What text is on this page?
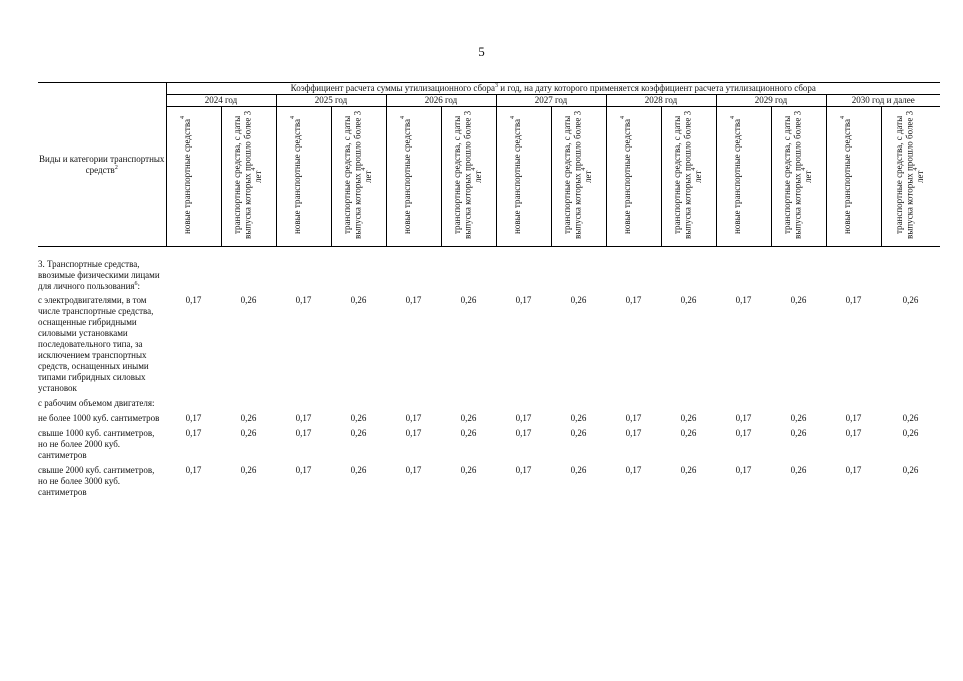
5
Виды и категории транспортных средств$^2$	Коэффициент расчета суммы утилизационного сбора$^3$ и год, на дату которого применяется коэффициент расчета утилизационного сбора													
	2024 год		2025 год		2026 год		2027 год		2028 год		2029 год		2030 год и далее	
	новые транспортные средства$^4$	транспортные средства, с даты выпуска которых прошло более 3 лет$^4$	новые транспортные средства$^4$	транспортные средства, с даты выпуска которых прошло более 3 лет$^4$	новые транспортные средства$^4$	транспортные средства, с даты выпуска которых прошло более 3 лет$^4$	новые транспортные средства$^4$	транспортные средства, с даты выпуска которых прошло более 3 лет$^4$	новые транспортные средства$^4$	транспортные средства, с даты выпуска которых прошло более 3 лет$^4$	новые транспортные средства$^4$	транспортные средства, с даты выпуска которых прошло более 3 лет$^4$	новые транспортные средства$^4$	транспортные средства, с даты выпуска которых прошло более 3 лет$^4$

3. Транспортные средства, ввозимые физическими лицами для личного пользования$^6$:														
с электродвигателями, в том числе транспортные средства, оснащенные гибридными силовыми установками последовательного типа, за исключением транспортных средств, оснащенных иными типами гибридных силовых установок	0,17	0,26	0,17	0,26	0,17	0,26	0,17	0,26	0,17	0,26	0,17	0,26	0,17	0,26
с рабочим объемом двигателя:														
не более 1000 куб. сантиметров	0,17	0,26	0,17	0,26	0,17	0,26	0,17	0,26	0,17	0,26	0,17	0,26	0,17	0,26
свыше 1000 куб. сантиметров, но не более 2000 куб. сантиметров	0,17	0,26	0,17	0,26	0,17	0,26	0,17	0,26	0,17	0,26	0,17	0,26	0,17	0,26
свыше 2000 куб. сантиметров, но не более 3000 куб. сантиметров	0,17	0,26	0,17	0,26	0,17	0,26	0,17	0,26	0,17	0,26	0,17	0,26	0,17	0,26
